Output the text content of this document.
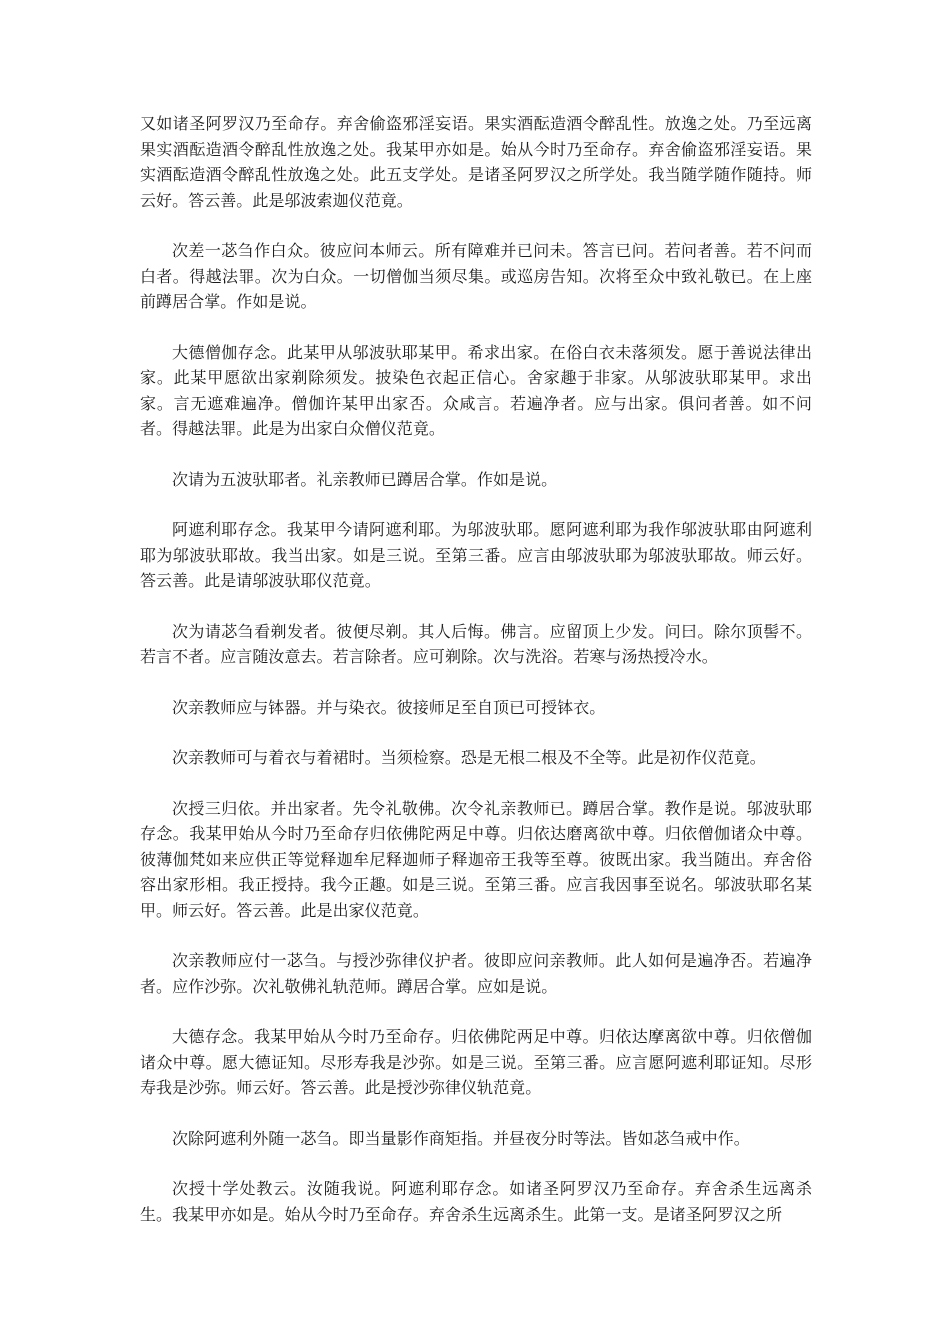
又如诸圣阿罗汉乃至命存。弃舍偷盗邪淫妄语。果实酒酝造酒令醉乱性。放逸之处。乃至远离果实酒酝造酒令醉乱性放逸之处。我某甲亦如是。始从今时乃至命存。弃舍偷盗邪淫妄语。果实酒酝造酒令醉乱性放逸之处。此五支学处。是诸圣阿罗汉之所学处。我当随学随作随持。师云好。答云善。此是邬波索迦仪范竟。

次差一苾刍作白众。彼应问本师云。所有障难并已问未。答言已问。若问者善。若不问而白者。得越法罪。次为白众。一切僧伽当须尽集。或巡房告知。次将至众中致礼敬已。在上座前蹲居合掌。作如是说。

大德僧伽存念。此某甲从邬波驮耶某甲。希求出家。在俗白衣未落须发。愿于善说法律出家。此某甲愿欲出家剃除须发。披染色衣起正信心。舍家趣于非家。从邬波驮耶某甲。求出家。言无遮难遍净。僧伽许某甲出家否。众咸言。若遍净者。应与出家。俱问者善。如不问者。得越法罪。此是为出家白众僧仪范竟。

次请为五波驮耶者。礼亲教师已蹲居合掌。作如是说。

阿遮利耶存念。我某甲今请阿遮利耶。为邬波驮耶。愿阿遮利耶为我作邬波驮耶由阿遮利耶为邬波驮耶故。我当出家。如是三说。至第三番。应言由邬波驮耶为邬波驮耶故。师云好。答云善。此是请邬波驮耶仪范竟。

次为请苾刍看剃发者。彼便尽剃。其人后悔。佛言。应留顶上少发。问曰。除尔顶髻不。若言不者。应言随汝意去。若言除者。应可剃除。次与洗浴。若寒与汤热授冷水。

次亲教师应与钵器。并与染衣。彼接师足至自顶已可授钵衣。

次亲教师可与着衣与着裙时。当须检察。恐是无根二根及不全等。此是初作仪范竟。

次授三归依。并出家者。先令礼敬佛。次令礼亲教师已。蹲居合掌。教作是说。邬波驮耶存念。我某甲始从今时乃至命存归依佛陀两足中尊。归依达磨离欲中尊。归依僧伽诸众中尊。彼薄伽梵如来应供正等觉释迦牟尼释迦师子释迦帝王我等至尊。彼既出家。我当随出。弃舍俗容出家形相。我正授持。我今正趣。如是三说。至第三番。应言我因事至说名。邬波驮耶名某甲。师云好。答云善。此是出家仪范竟。

次亲教师应付一苾刍。与授沙弥律仪护者。彼即应问亲教师。此人如何是遍净否。若遍净者。应作沙弥。次礼敬佛礼轨范师。蹲居合掌。应如是说。

大德存念。我某甲始从今时乃至命存。归依佛陀两足中尊。归依达摩离欲中尊。归依僧伽诸众中尊。愿大德证知。尽形寿我是沙弥。如是三说。至第三番。应言愿阿遮利耶证知。尽形寿我是沙弥。师云好。答云善。此是授沙弥律仪轨范竟。

次除阿遮利外随一苾刍。即当量影作商矩指。并昼夜分时等法。皆如苾刍戒中作。

次授十学处教云。汝随我说。阿遮利耶存念。如诸圣阿罗汉乃至命存。弃舍杀生远离杀生。我某甲亦如是。始从今时乃至命存。弃舍杀生远离杀生。此第一支。是诸圣阿罗汉之所
